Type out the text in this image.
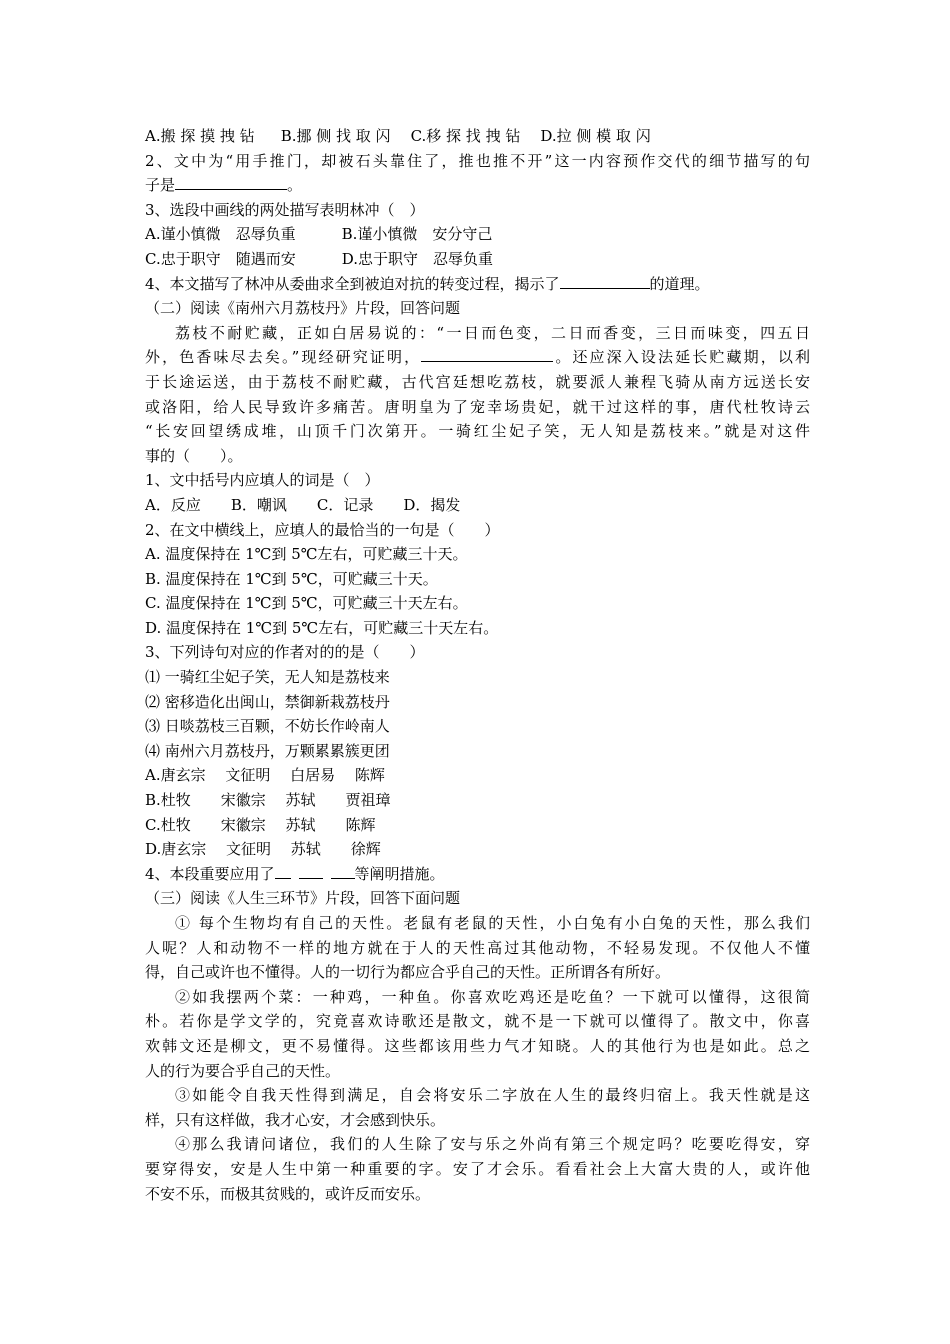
A.搬 探 摸 拽 钻 B.挪 侧 找 取 闪 C.移 探 找 拽 钻 D.拉 侧 模 取 闪
2、文中为“用手推门，却被石头靠住了，推也推不开”这一内容预作交代的细节描写的句
子是	。
3、选段中画线的两处描写表明林冲（　）
A.谨小慎微　忍辱负重	B.谨小慎微　安分守己
C.忠于职守　随遇而安	D.忠于职守　忍辱负重
4、本文描写了林冲从委曲求全到被迫对抗的转变过程，揭示了	的道理。
（二）阅读《南州六月荔枝丹》片段，回答问题
荔枝不耐贮藏，正如白居易说的：“一日而色变，二日而香变，三日而味变，四五日
外，色香味尽去矣。”现经研究证明，	。还应深入设法延长贮藏期，以利
于长途运送，由于荔枝不耐贮藏，古代宫廷想吃荔枝，就要派人兼程飞骑从南方远送长安
或洛阳，给人民导致许多痛苦。唐明皇为了宠幸场贵妃，就干过这样的事，唐代杜牧诗云
“长安回望绣成堆，山顶千门次第开。一骑红尘妃子笑，无人知是荔枝来。”就是对这件
事的（　　）。
1、文中括号内应填人的词是（　）
A．反应　　B．嘲讽　　C．记录　　D．揭发
2、在文中横线上，应填人的最恰当的一句是（　　）
A. 温度保持在 1℃到 5℃左右，可贮藏三十天。
B. 温度保持在 1℃到 5℃，可贮藏三十天。
C. 温度保持在 1℃到 5℃，可贮藏三十天左右。
D. 温度保持在 1℃到 5℃左右，可贮藏三十天左右。
3、下列诗句对应的作者对的的是（　　）
⑴ 一骑红尘妃子笑，无人知是荔枝来
⑵ 密移造化出闽山，禁御新栽荔枝丹
⑶ 日啖荔枝三百颗，不妨长作岭南人
⑷ 南州六月荔枝丹，万颗累累簇更团
A.唐玄宗　 文征明　 白居易　 陈辉
B.杜牧　　宋徽宗　 苏轼　　贾祖璋
C.杜牧　　宋徽宗　 苏轼　　陈辉
D.唐玄宗　 文征明　 苏轼　　徐辉
4、本段重要应用了	等阐明措施。
（三）阅读《人生三环节》片段，回答下面问题
① 每个生物均有自己的天性。老鼠有老鼠的天性，小白兔有小白兔的天性，那么我们
人呢？人和动物不一样的地方就在于人的天性高过其他动物，不轻易发现。不仅他人不懂
得，自己或许也不懂得。人的一切行为都应合乎自己的天性。正所谓各有所好。
②如我摆两个菜：一种鸡，一种鱼。你喜欢吃鸡还是吃鱼？一下就可以懂得，这很简
朴。若你是学文学的，究竟喜欢诗歌还是散文，就不是一下就可以懂得了。散文中，你喜
欢韩文还是柳文，更不易懂得。这些都该用些力气才知晓。人的其他行为也是如此。总之
人的行为要合乎自己的天性。
③如能令自我天性得到满足，自会将安乐二字放在人生的最终归宿上。我天性就是这
样，只有这样做，我才心安，才会感到快乐。
④那么我请问诸位，我们的人生除了安与乐之外尚有第三个规定吗？吃要吃得安，穿
要穿得安，安是人生中第一种重要的字。安了才会乐。看看社会上大富大贵的人，或许他
不安不乐，而极其贫贱的，或许反而安乐。
